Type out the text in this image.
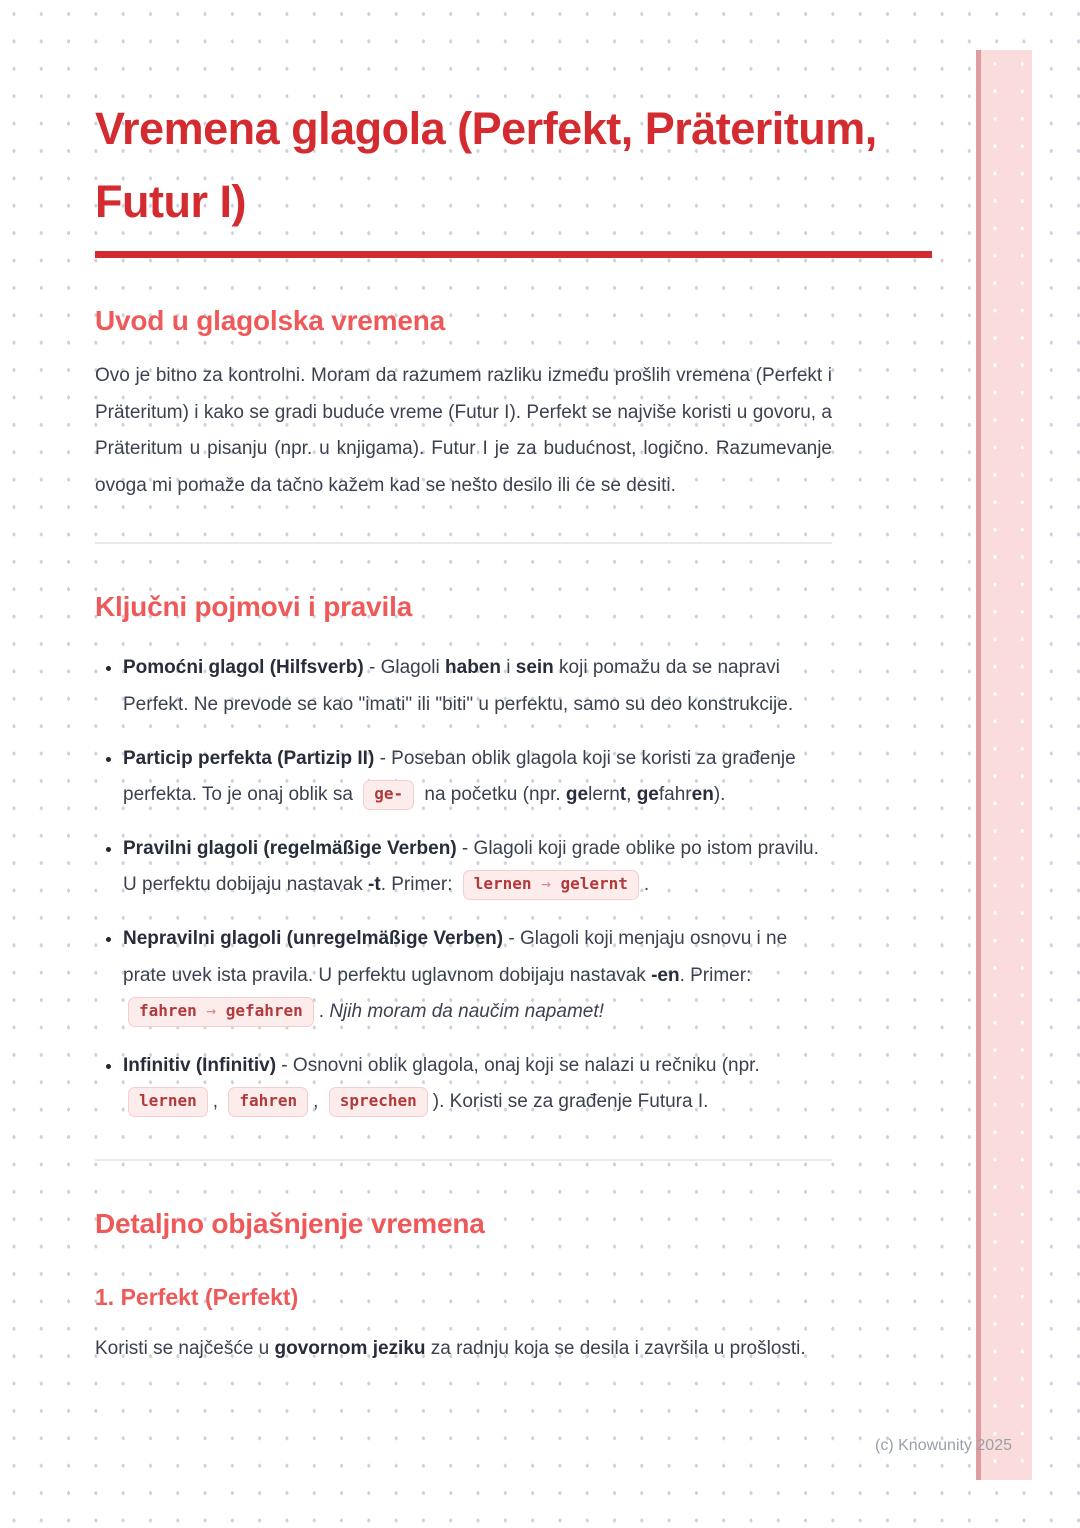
Vremena glagola (Perfekt, Präteritum, Futur I)
Uvod u glagolska vremena

Ovo je bitno za kontrolni. Moram da razumem razliku između prošlih vremena (Perfekt i Präteritum) i kako se gradi buduće vreme (Futur I). Perfekt se najviše koristi u govoru, a Präteritum u pisanju (npr. u knjigama). Futur I je za budućnost, logično. Razumevanje ovoga mi pomaže da tačno kažem kad se nešto desilo ili će se desiti.

Ključni pojmovi i pravila
• Pomoćni glagol (Hilfsverb) - Glagoli haben i sein koji pomažu da se napravi Perfekt. Ne prevode se kao "imati" ili "biti" u perfektu, samo su deo konstrukcije.
• Particip perfekta (Partizip II) - Poseban oblik glagola koji se koristi za građenje perfekta. To je onaj oblik sa ge- na početku (npr. gelernt, gefahren).
• Pravilni glagoli (regelmäßige Verben) - Glagoli koji grade oblike po istom pravilu. U perfektu dobijaju nastavak -t. Primer: lernen → gelernt .
• Nepravilni glagoli (unregelmäßige Verben) - Glagoli koji menjaju osnovu i ne prate uvek ista pravila. U perfektu uglavnom dobijaju nastavak -en. Primer: fahren → gefahren . Njih moram da naučim napamet!
• Infinitiv (Infinitiv) - Osnovni oblik glagola, onaj koji se nalazi u rečniku (npr. lernen , fahren , sprechen ). Koristi se za građenje Futura I.
Detaljno objašnjenje vremena
1. Perfekt (Perfekt)

Koristi se najčešće u govornom jeziku za radnju koja se desila i završila u prošlosti.

(c) Knowunity 2025
